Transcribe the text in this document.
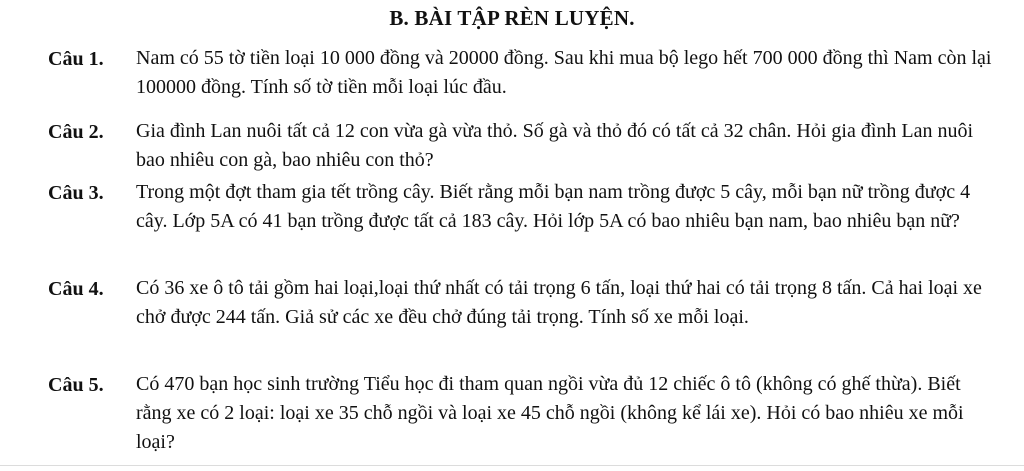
B. BÀI TẬP RÈN LUYỆN.
Câu 1. Nam có 55 tờ tiền loại 10 000 đồng và 20000 đồng. Sau khi mua bộ lego hết 700 000 đồng thì Nam còn lại 100000 đồng. Tính số tờ tiền mỗi loại lúc đầu.
Câu 2. Gia đình Lan nuôi tất cả 12 con vừa gà vừa thỏ. Số gà và thỏ đó có tất cả 32 chân. Hỏi gia đình Lan nuôi bao nhiêu con gà, bao nhiêu con thỏ?
Câu 3. Trong một đợt tham gia tết trồng cây. Biết rằng mỗi bạn nam trồng được 5 cây, mỗi bạn nữ trồng được 4 cây. Lớp 5A có 41 bạn trồng được tất cả 183 cây. Hỏi lớp 5A có bao nhiêu bạn nam, bao nhiêu bạn nữ?
Câu 4. Có 36 xe ô tô tải gồm hai loại,loại thứ nhất có tải trọng 6 tấn, loại thứ hai có tải trọng 8 tấn. Cả hai loại xe chở được 244 tấn. Giả sử các xe đều chở đúng tải trọng. Tính số xe mỗi loại.
Câu 5. Có 470 bạn học sinh trường Tiểu học đi tham quan ngồi vừa đủ 12 chiếc ô tô (không có ghế thừa). Biết rằng xe có 2 loại: loại xe 35 chỗ ngồi và loại xe 45 chỗ ngồi (không kể lái xe). Hỏi có bao nhiêu xe mỗi loại?
